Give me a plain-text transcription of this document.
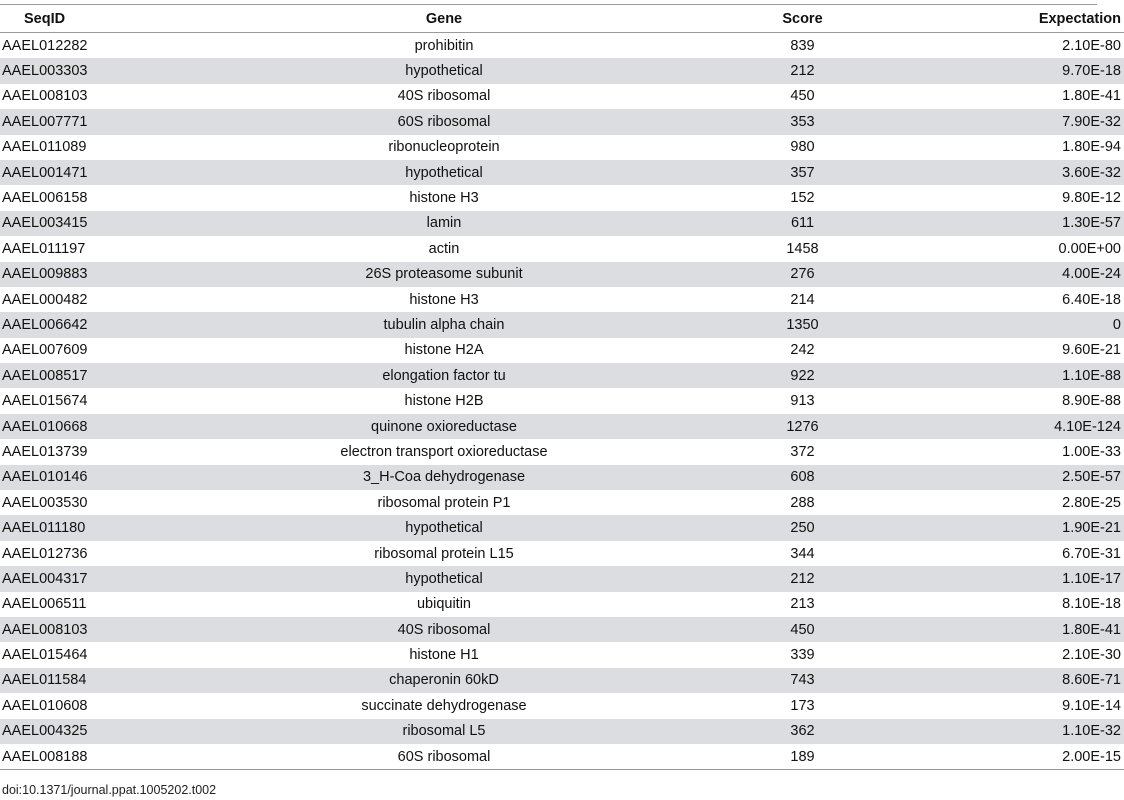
SeqID	Gene	Score	Expectation
AAEL012282	prohibitin	839	2.10E-80
AAEL003303	hypothetical	212	9.70E-18
AAEL008103	40S ribosomal	450	1.80E-41
AAEL007771	60S ribosomal	353	7.90E-32
AAEL011089	ribonucleoprotein	980	1.80E-94
AAEL001471	hypothetical	357	3.60E-32
AAEL006158	histone H3	152	9.80E-12
AAEL003415	lamin	611	1.30E-57
AAEL011197	actin	1458	0.00E+00
AAEL009883	26S proteasome subunit	276	4.00E-24
AAEL000482	histone H3	214	6.40E-18
AAEL006642	tubulin alpha chain	1350	0
AAEL007609	histone H2A	242	9.60E-21
AAEL008517	elongation factor tu	922	1.10E-88
AAEL015674	histone H2B	913	8.90E-88
AAEL010668	quinone oxioreductase	1276	4.10E-124
AAEL013739	electron transport oxioreductase	372	1.00E-33
AAEL010146	3_H-Coa dehydrogenase	608	2.50E-57
AAEL003530	ribosomal protein P1	288	2.80E-25
AAEL011180	hypothetical	250	1.90E-21
AAEL012736	ribosomal protein L15	344	6.70E-31
AAEL004317	hypothetical	212	1.10E-17
AAEL006511	ubiquitin	213	8.10E-18
AAEL008103	40S ribosomal	450	1.80E-41
AAEL015464	histone H1	339	2.10E-30
AAEL011584	chaperonin 60kD	743	8.60E-71
AAEL010608	succinate dehydrogenase	173	9.10E-14
AAEL004325	ribosomal L5	362	1.10E-32
AAEL008188	60S ribosomal	189	2.00E-15
doi:10.1371/journal.ppat.1005202.t002
